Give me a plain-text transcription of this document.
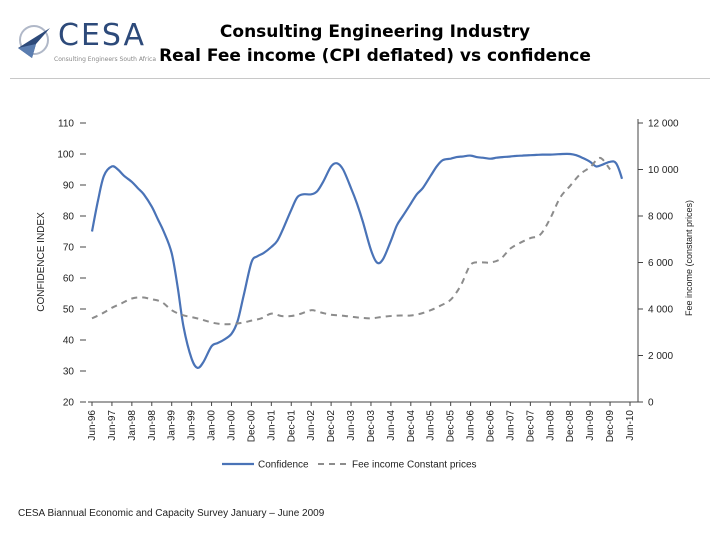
CESA
Consulting Engineers South Africa
Consulting Engineering Industry
Real Fee income (CPI deflated) vs confidence
20
30
40
50
60
70
80
90
100
110
0
2 000
4 000
6 000
8 000
10 000
12 000
Jun-96 Jun-97 Jan-98 Jun-98 Jan-99 Jun-99 Jan-00 Jun-00 Dec-00 Jun-01 Dec-01 Jun-02 Dec-02 Jun-03 Dec-03 Jun-04 Dec-04 Jun-05 Dec-05 Jun-06 Dec-06 Jun-07 Dec-07 Jun-08 Dec-08 Jun-09 Dec-09 Jun-10
CONFIDENCE INDEX	Fee income (constant prices)
Confidence	Fee income Constant prices
CESA Biannual Economic and Capacity Survey January – June 2009
